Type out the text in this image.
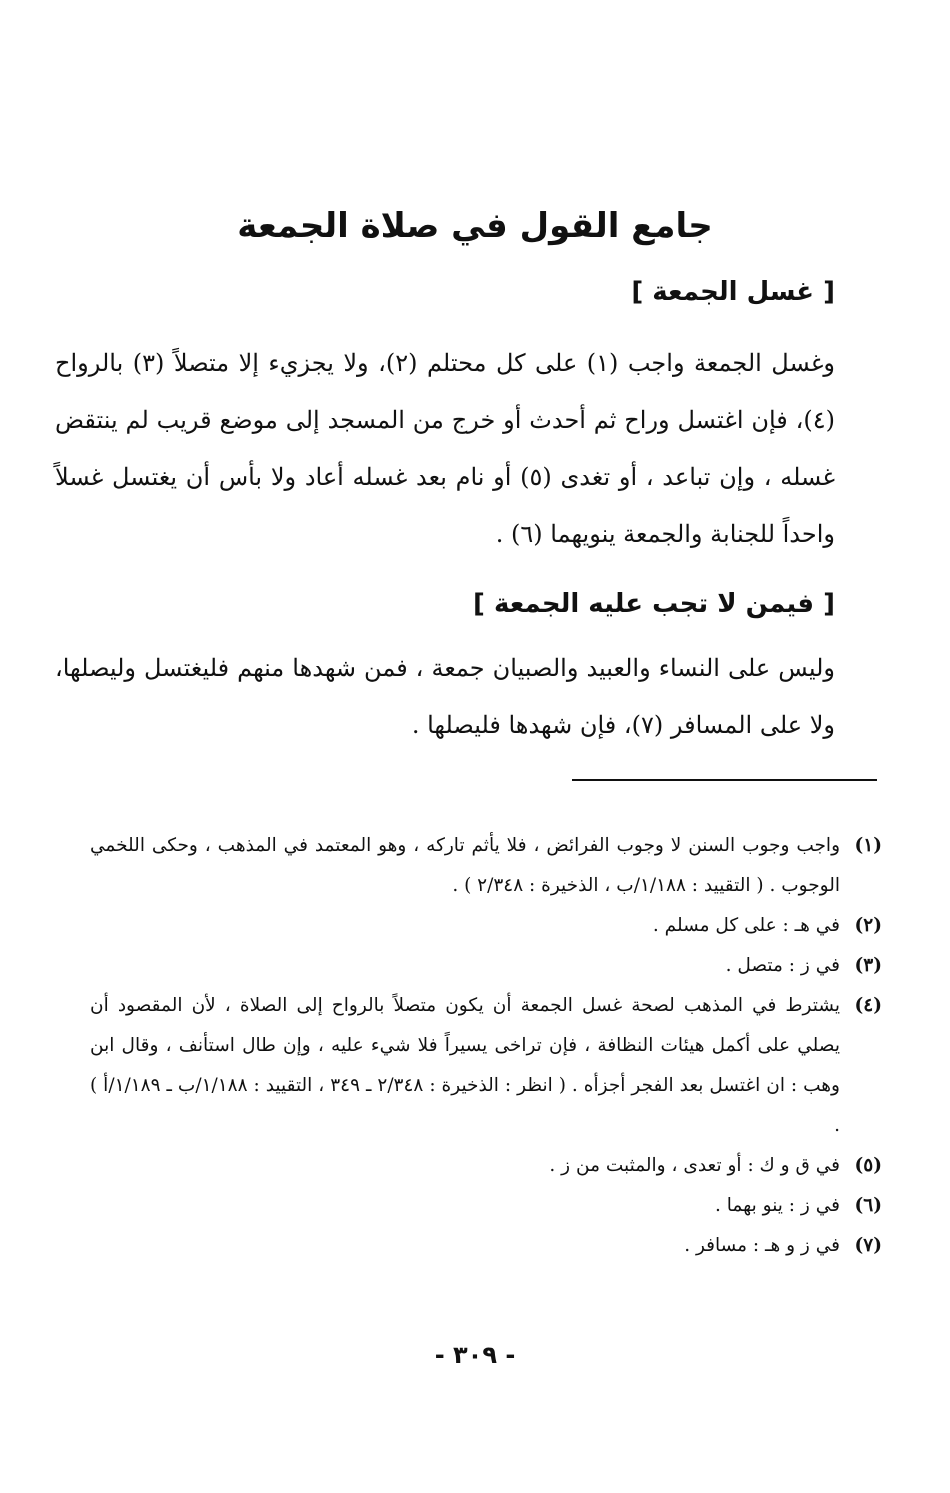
جامع القول في صلاة الجمعة
[ غسل الجمعة ]

وغسل الجمعة واجب (١) على كل محتلم (٢)، ولا يجزيء إلا متصلاً (٣) بالرواح (٤)، فإن اغتسل وراح ثم أحدث أو خرج من المسجد إلى موضع قريب لم ينتقض غسله ، وإن تباعد ، أو تغدى (٥) أو نام بعد غسله أعاد ولا بأس أن يغتسل غسلاً واحداً للجنابة والجمعة ينويهما (٦) .

[ فيمن لا تجب عليه الجمعة ]

وليس على النساء والعبيد والصبيان جمعة ، فمن شهدها منهم فليغتسل وليصلها، ولا على المسافر (٧)، فإن شهدها فليصلها .

(١)
واجب وجوب السنن لا وجوب الفرائض ، فلا يأثم تاركه ، وهو المعتمد في المذهب ، وحكى اللخمي الوجوب . ( التقييد : ١/١٨٨/ب ، الذخيرة : ٢/٣٤٨ ) .
(٢)
في هـ : على كل مسلم .
(٣)
في ز : متصل .
(٤)
يشترط في المذهب لصحة غسل الجمعة أن يكون متصلاً بالرواح إلى الصلاة ، لأن المقصود أن يصلي على أكمل هيئات النظافة ، فإن تراخى يسيراً فلا شيء عليه ، وإن طال استأنف ، وقال ابن وهب : ان اغتسل بعد الفجر أجزأه . ( انظر : الذخيرة : ٢/٣٤٨ ـ ٣٤٩ ، التقييد : ١/١٨٨/ب ـ ١/١٨٩/أ ) .
(٥)
في ق و ك : أو تعدى ، والمثبت من ز .
(٦)
في ز : ينو بهما .
(٧)
في ز و هـ : مسافر .
- ٣٠٩ -
